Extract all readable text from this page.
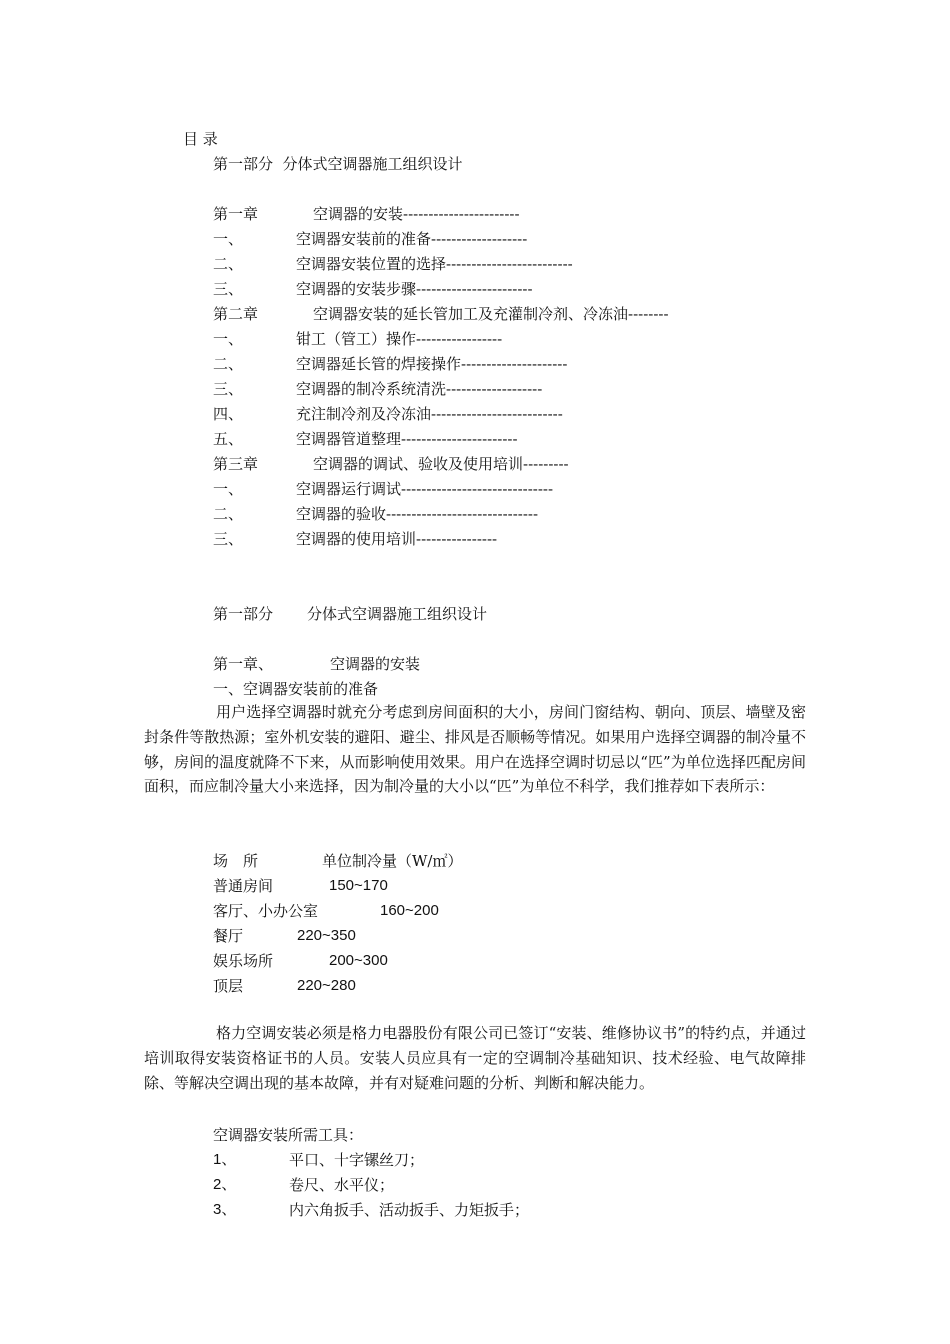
目 录
第一部分  分体式空调器施工组织设计
第一章	空调器的安装-----------------------
一、	空调器安装前的准备-------------------
二、	空调器安装位置的选择-------------------------
三、	空调器的安装步骤-----------------------
第二章	空调器安装的延长管加工及充灌制冷剂、冷冻油--------
一、	钳工（管工）操作-----------------
二、	空调器延长管的焊接操作---------------------
三、	空调器的制冷系统清洗-------------------
四、	充注制冷剂及冷冻油--------------------------
五、	空调器管道整理-----------------------
第三章	空调器的调试、验收及使用培训---------
一、	空调器运行调试------------------------------
二、	空调器的验收------------------------------
三、	空调器的使用培训----------------
第一部分 分体式空调器施工组织设计
第一章、	空调器的安装
一、空调器安装前的准备
用户选择空调器时就充分考虑到房间面积的大小，房间门窗结构、朝向、顶层、墙壁及密封条件等散热源；室外机安装的避阳、避尘、排风是否顺畅等情况。如果用户选择空调器的制冷量不够，房间的温度就降不下来，从而影响使用效果。用户在选择空调时切忌以“匹”为单位选择匹配房间面积，而应制冷量大小来选择，因为制冷量的大小以“匹”为单位不科学，我们推荐如下表所示：
场　所	单位制冷量（W/㎡）
普通房间	150~170
客厅、小办公室	160~200
餐厅	220~350
娱乐场所	200~300
顶层	220~280
格力空调安装必须是格力电器股份有限公司已签订“安装、维修协议书”的特约点，并通过培训取得安装资格证书的人员。安装人员应具有一定的空调制冷基础知识、技术经验、电气故障排除、等解决空调出现的基本故障，并有对疑难问题的分析、判断和解决能力。
空调器安装所需工具：
1、	平口、十字镙丝刀；
2、	卷尺、水平仪；
3、	内六角扳手、活动扳手、力矩扳手；
